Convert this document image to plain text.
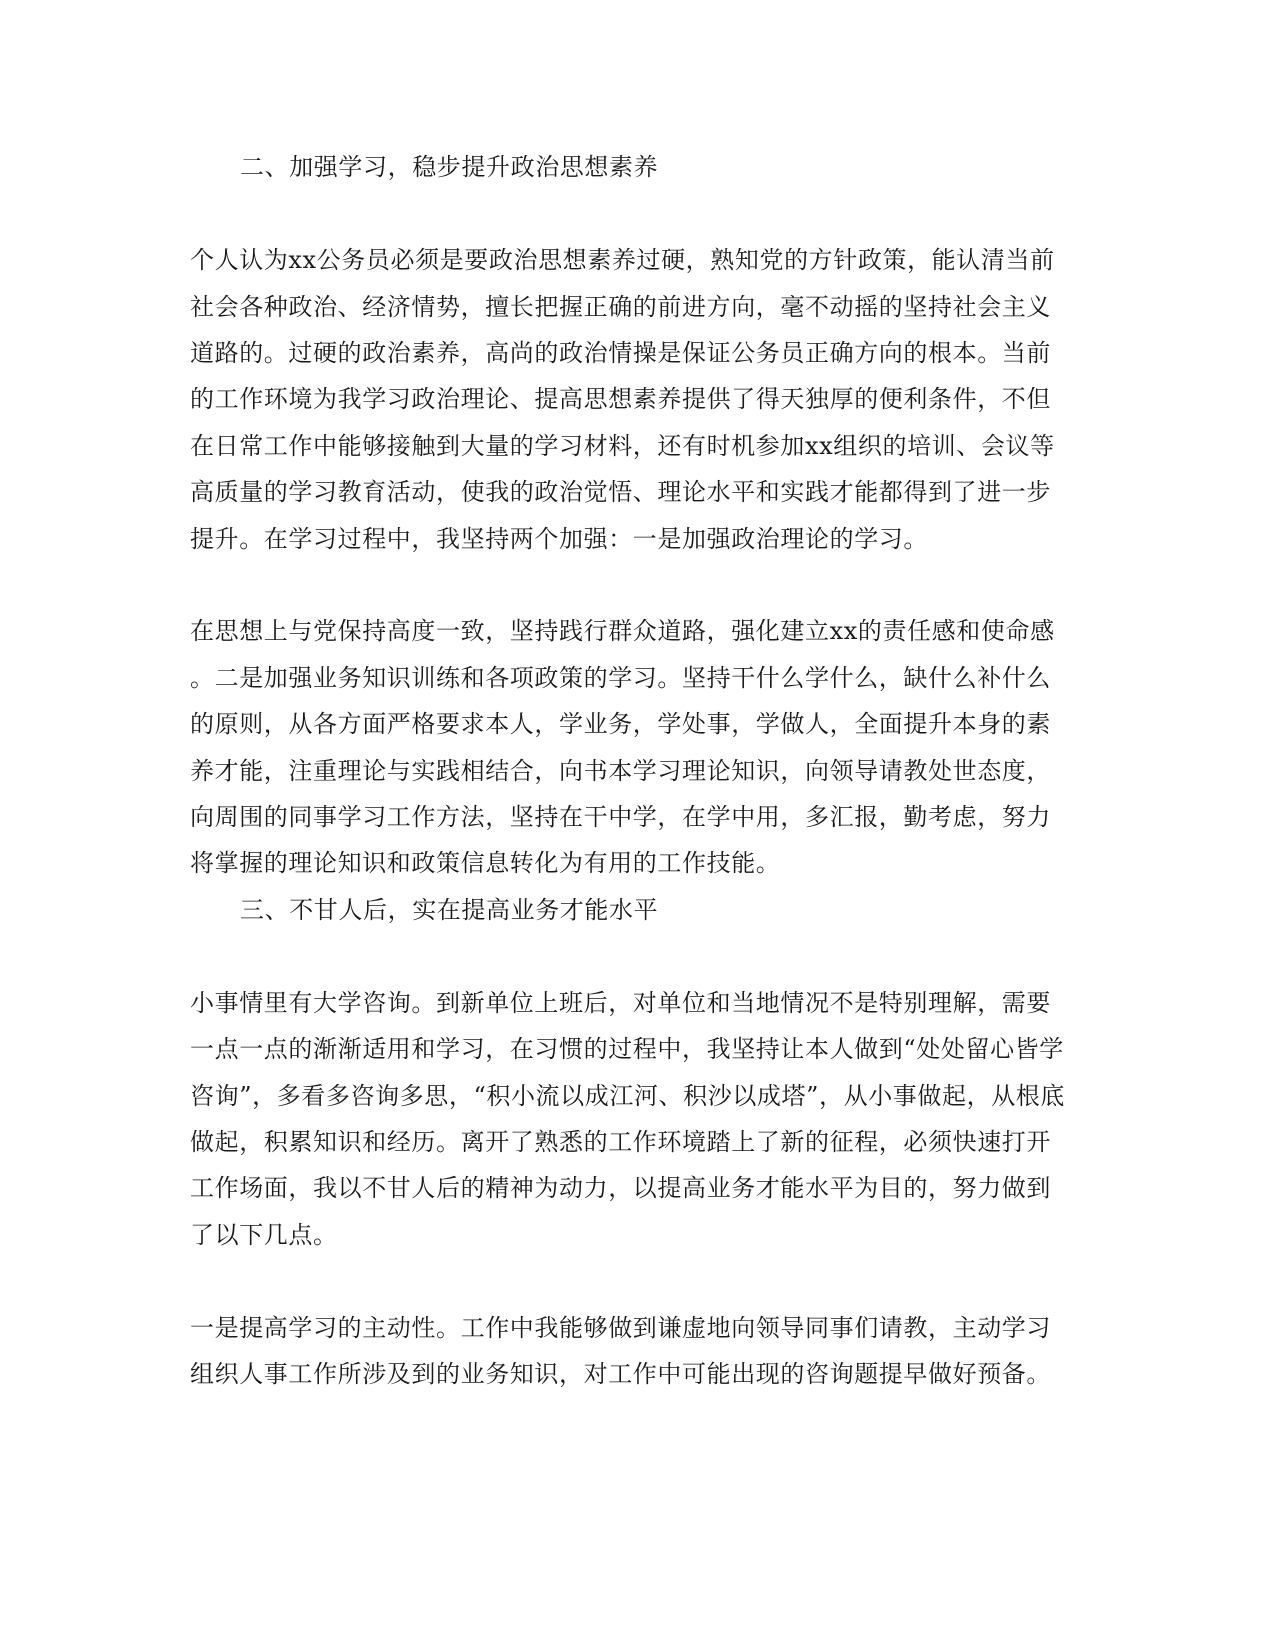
二、加强学习，稳步提升政治思想素养
个人认为xx公务员必须是要政治思想素养过硬，熟知党的方针政策，能认清当前
社会各种政治、经济情势，擅长把握正确的前进方向，毫不动摇的坚持社会主义
道路的。过硬的政治素养，高尚的政治情操是保证公务员正确方向的根本。当前
的工作环境为我学习政治理论、提高思想素养提供了得天独厚的便利条件，不但
在日常工作中能够接触到大量的学习材料，还有时机参加xx组织的培训、会议等
高质量的学习教育活动，使我的政治觉悟、理论水平和实践才能都得到了进一步
提升。在学习过程中，我坚持两个加强：一是加强政治理论的学习。
在思想上与党保持高度一致，坚持践行群众道路，强化建立xx的责任感和使命感
。二是加强业务知识训练和各项政策的学习。坚持干什么学什么，缺什么补什么
的原则，从各方面严格要求本人，学业务，学处事，学做人，全面提升本身的素
养才能，注重理论与实践相结合，向书本学习理论知识，向领导请教处世态度，
向周围的同事学习工作方法，坚持在干中学，在学中用，多汇报，勤考虑，努力
将掌握的理论知识和政策信息转化为有用的工作技能。
三、不甘人后，实在提高业务才能水平
小事情里有大学咨询。到新单位上班后，对单位和当地情况不是特别理解，需要
一点一点的渐渐适用和学习，在习惯的过程中，我坚持让本人做到“处处留心皆学
咨询”，多看多咨询多思，“积小流以成江河、积沙以成塔”，从小事做起，从根底
做起，积累知识和经历。离开了熟悉的工作环境踏上了新的征程，必须快速打开
工作场面，我以不甘人后的精神为动力，以提高业务才能水平为目的，努力做到
了以下几点。
一是提高学习的主动性。工作中我能够做到谦虚地向领导同事们请教，主动学习
组织人事工作所涉及到的业务知识，对工作中可能出现的咨询题提早做好预备。
